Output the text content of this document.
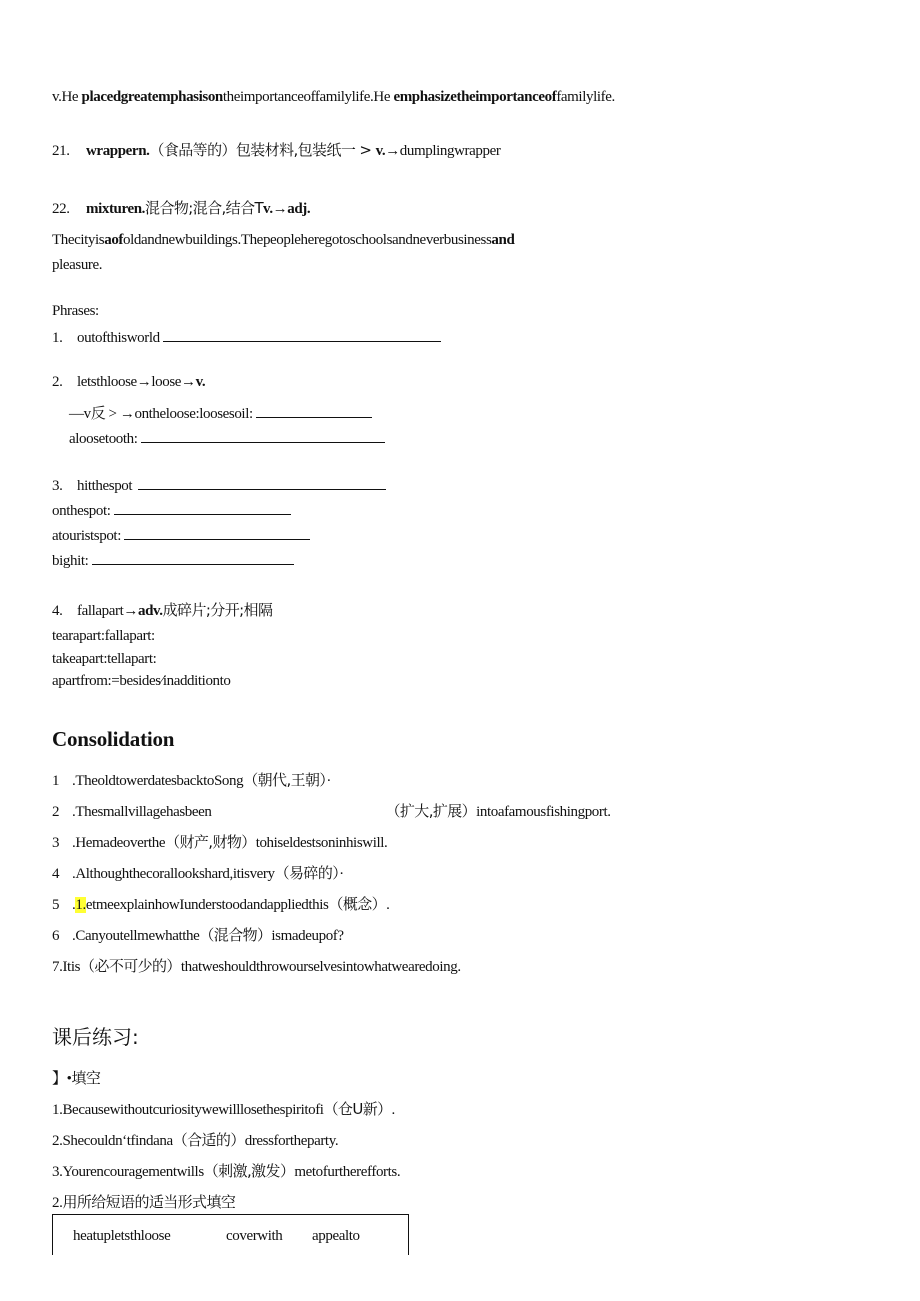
v.He placedgreatemphasisontheimportanceoffamilylife.He emphasizetheimportanceoffamilylife.
21. wrappern.（食品等的）包装材料,包装纸一 > v.→dumplingwrapper
22. mixturen.混合物;混合,结合Tv.→adj.
Thecityisaofoldandnewbuildings.Thepeopleheregotoschoolsandneverbusinessand
pleasure.
Phrases:
1. outofthisworld
2. letsthloose→loose→v.
—v反 > →ontheloose:loosesoil:
aloosetooth:
3. hitthespot
onthespot:
atouristspot:
bighit:
4. fallapart→adv.成碎片;分开;相隔
tearapart:fallapart:
takeapart:tellapart:
apartfrom:=besides∕inadditionto
Consolidation
1 .TheoldtowerdatesbacktoSong（朝代,王朝）·
2 .Thesmallvillagehasbeen	（扩大,扩展）intoafamousfishingport.
3 .Hemadeoverthe（财产,财物）tohiseldestsoninhiswill.
4 .Althoughthecorallookshard,itisvery（易碎的）·
5 .1.etmeexplainhowIunderstoodandappliedthis（概念）.
6 .Canyoutellmewhatthe（混合物）ismadeupof?
7.Itis（必不可少的）thatweshouldthrowourselvesintowhatwearedoing.
课后练习:
】•填空
1.Becausewithoutcuriositywewilllosethespiritofi（仓U新）.
2.Shecouldn‘tfindana（合适的）dressfortheparty.
3.Yourencouragementwills（刺激,激发）metofurtherefforts.
2.用所给短语的适当形式填空
heatupletsthloose	coverwith appealto
